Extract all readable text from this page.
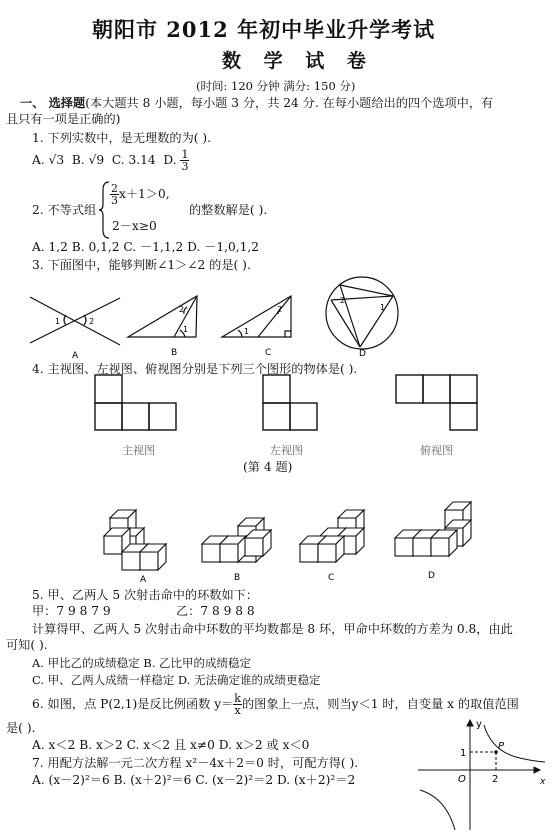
朝阳市 2012 年初中毕业升学考试
数 学 试 卷
(时间: 120 分钟 满分: 150 分)
一、 选择题(本大题共 8 小题，每小题 3 分，共 24 分. 在每小题给出的四个选项中，有
且只有一项是正确的)
1. 下列实数中，是无理数的为( ).
A. √3 B. √9 C. 3.14 D. $\frac{1}{3}$
2. 不等式组
$\frac{2}{3} x+1>0$,
2－x≥0
的整数解是( ).
A. 1,2 B. 0,1,2 C. －1,1,2 D. －1,0,1,2
3. 下面图中，能够判断∠1＞∠2 的是( ).
1	2
2
1
2
1
2
1
A	B	C	D
4. 主视图、左视图、俯视图分别是下列三个图形的物体是( ).
主视图	左视图	俯视图
(第 4 题)
A	B	C	D
5. 甲、乙两人 5 次射击命中的环数如下：
甲：7 9 8 7 9	乙：7 8 9 8 8
计算得甲、乙两人 5 次射击命中环数的平均数都是 8 环，甲命中环数的方差为 0.8，由此
可知( ).
A. 甲比乙的成绩稳定 B. 乙比甲的成绩稳定
C. 甲、乙两人成绩一样稳定 D. 无法确定谁的成绩更稳定
6. 如图，点 P(2,1)是反比例函数 $y= \frac{k}{x}$ 的图象上一点，则当y＜1 时，自变量 x 的取值范围
是( ).
A. x＜2 B. x＞2 C. x＜2 且 x≠0 D. x＞2 或 x＜0
y
x
O	2
1
P
7. 用配方法解一元二次方程 x²－4x＋2＝0 时，可配方得( ).
A. (x－2)²＝6 B. (x＋2)²＝6 C. (x－2)²＝2 D. (x＋2)²＝2
